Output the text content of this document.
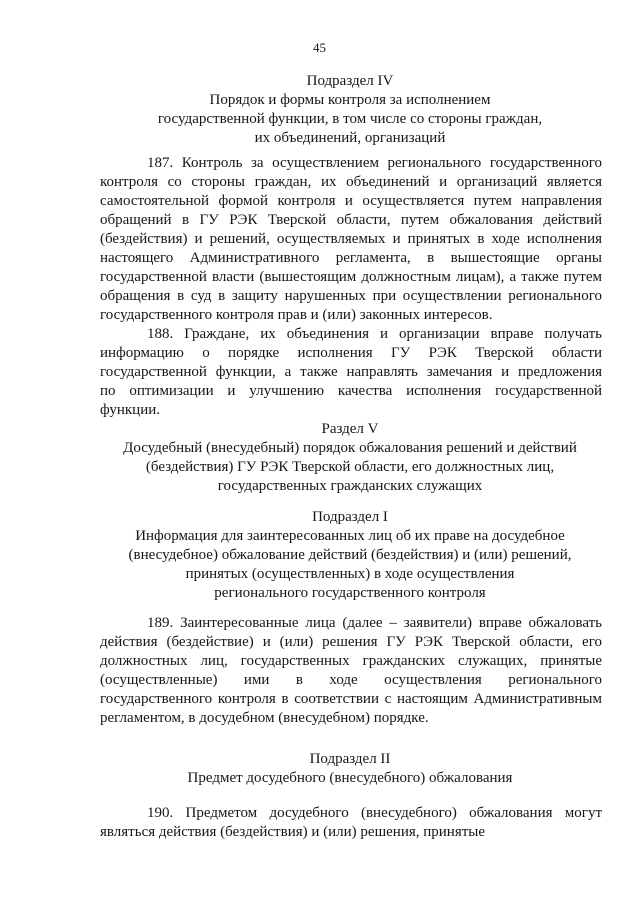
45
Подраздел IV
Порядок и формы контроля за исполнением
государственной функции, в том числе со стороны граждан,
их объединений, организаций
187. Контроль за осуществлением регионального государственного
контроля со стороны граждан, их объединений и организаций является
самостоятельной формой контроля и осуществляется путем направления
обращений в ГУ РЭК Тверской области, путем обжалования действий
(бездействия) и решений, осуществляемых и принятых в ходе исполнения
настоящего Административного регламента, в вышестоящие органы
государственной власти (вышестоящим должностным лицам), а также путем
обращения в суд в защиту нарушенных при осуществлении регионального
государственного контроля прав и (или) законных интересов.
188. Граждане, их объединения и организации вправе получать
информацию о порядке исполнения ГУ РЭК Тверской области
государственной функции, а также направлять замечания и предложения
по оптимизации и улучшению качества исполнения государственной
функции.
Раздел V
Досудебный (внесудебный) порядок обжалования решений и действий
(бездействия) ГУ РЭК Тверской области, его должностных лиц,
государственных гражданских служащих
Подраздел I
Информация для заинтересованных лиц об их праве на досудебное
(внесудебное) обжалование действий (бездействия) и (или) решений,
принятых (осуществленных) в ходе осуществления
регионального государственного контроля
189. Заинтересованные лица (далее – заявители) вправе обжаловать
действия (бездействие) и (или) решения ГУ РЭК Тверской области, его
должностных лиц, государственных гражданских служащих, принятые
(осуществленные) ими в ходе осуществления регионального
государственного контроля в соответствии с настоящим Административным
регламентом, в досудебном (внесудебном) порядке.
Подраздел II
Предмет досудебного (внесудебного) обжалования
190. Предметом досудебного (внесудебного) обжалования могут
являться действия (бездействия) и (или) решения, принятые
